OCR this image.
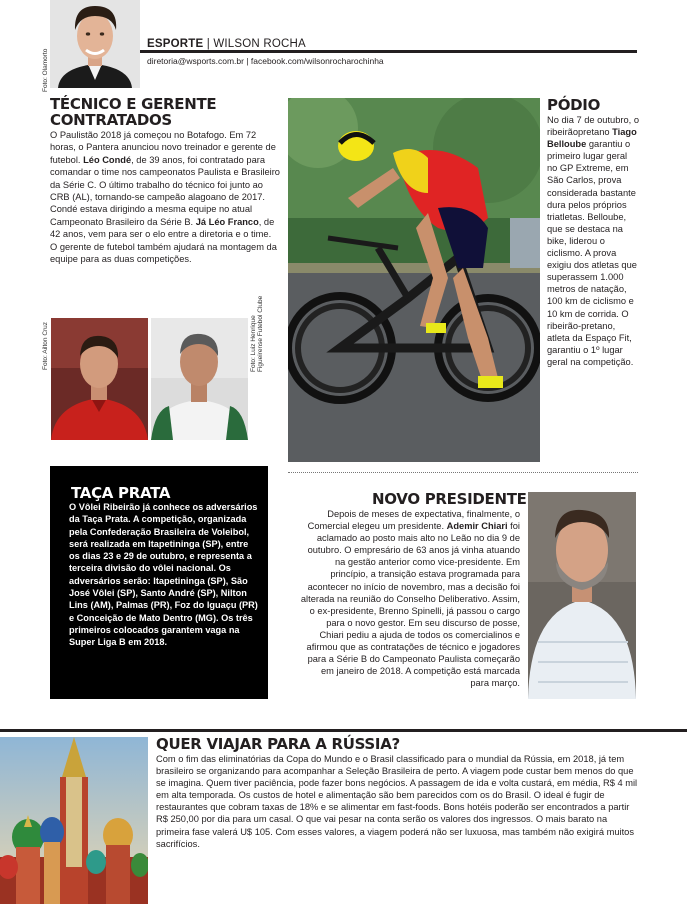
Foto: Olamorto
ESPORTE | WILSON ROCHA
diretoria@wsports.com.br | facebook.com/wilsonrocharochinha
TÉCNICO E GERENTE
CONTRATADOS

O Paulistão 2018 já começou no Botafogo. Em 72 horas, o Pantera anunciou novo treinador e gerente de futebol. Léo Condé, de 39 anos, foi contratado para comandar o time nos campeonatos Paulista e Brasileiro da Série C. O último trabalho do técnico foi junto ao CRB (AL), tornando-se campeão alagoano de 2017. Condé estava dirigindo a mesma equipe no atual Campeonato Brasileiro da Série B. Já Léo Franco, de 42 anos, vem para ser o elo entre a diretoria e o time. O gerente de futebol também ajudará na montagem da equipe para as duas competições.

Foto: Ailton Cruz	Foto: Luiz Henrique
Figueirense Futebol Clube
PÓDIO

No dia 7 de outubro, o ribeirãopretano Tiago Belloube garantiu o primeiro lugar geral no GP Extreme, em São Carlos, prova considerada bastante dura pelos próprios triatletas. Belloube, que se destaca na bike, liderou o ciclismo. A prova exigiu dos atletas que superassem 1.000 metros de natação, 100 km de ciclismo e 10 km de corrida. O ribeirão-pretano, atleta da Espaço Fit, garantiu o 1º lugar geral na competição.

TAÇA PRATA

O Vôlei Ribeirão já conhece os adversários da Taça Prata. A competição, organizada pela Confederação Brasileira de Voleibol, será realizada em Itapetininga (SP), entre os dias 23 e 29 de outubro, e representa a terceira divisão do vôlei nacional. Os adversários serão: Itapetininga (SP), São José Vôlei (SP), Santo André (SP), Nilton Lins (AM), Palmas (PR), Foz do Iguaçu (PR) e Conceição de Mato Dentro (MG). Os três primeiros colocados garantem vaga na Super Liga B em 2018.

NOVO PRESIDENTE

Depois de meses de expectativa, finalmente, o Comercial elegeu um presidente. Ademir Chiari foi aclamado ao posto mais alto no Leão no dia 9 de outubro. O empresário de 63 anos já vinha atuando na gestão anterior como vice-presidente. Em princípio, a transição estava programada para acontecer no início de novembro, mas a decisão foi alterada na reunião do Conselho Deliberativo. Assim, o ex-presidente, Brenno Spinelli, já passou o cargo para o novo gestor. Em seu discurso de posse, Chiari pediu a ajuda de todos os comercialinos e afirmou que as contratações de técnico e jogadores para a Série B do Campeonato Paulista começarão em janeiro de 2018. A competição está marcada para março.

QUER VIAJAR PARA A RÚSSIA?

Com o fim das eliminatórias da Copa do Mundo e o Brasil classificado para o mundial da Rússia, em 2018, já tem brasileiro se organizando para acompanhar a Seleção Brasileira de perto. A viagem pode custar bem menos do que se imagina. Quem tiver paciência, pode fazer bons negócios. A passagem de ida e volta custará, em média, R$ 4 mil em alta temporada. Os custos de hotel e alimentação são bem parecidos com os do Brasil. O ideal é fugir de restaurantes que cobram taxas de 18% e se alimentar em fast-foods. Bons hotéis poderão ser encontrados a partir R$ 250,00 por dia para um casal. O que vai pesar na conta serão os valores dos ingressos. O mais barato na primeira fase valerá U$ 105. Com esses valores, a viagem poderá não ser luxuosa, mas também não exigirá muitos sacrifícios.
